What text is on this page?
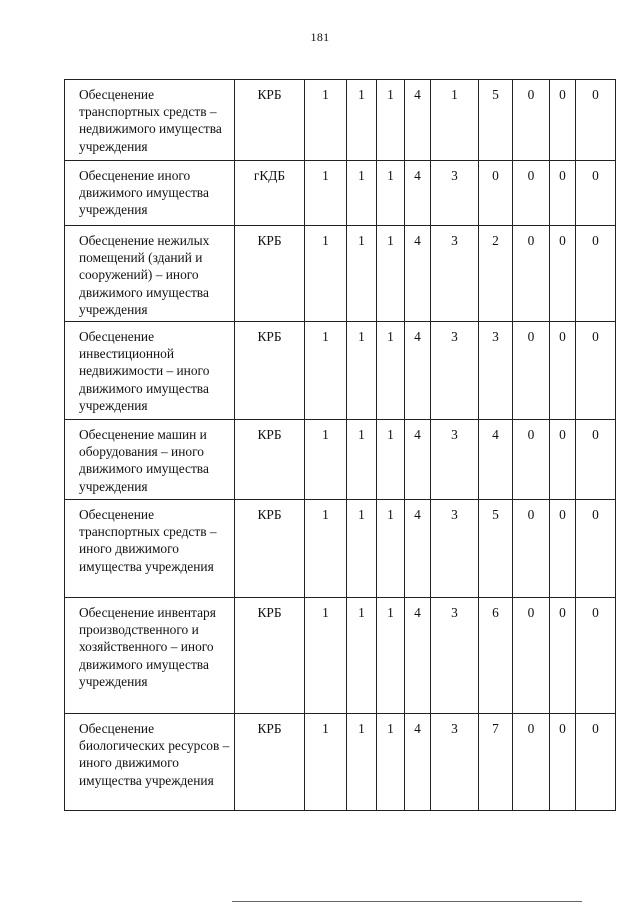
181
Обесценение транспортных средств –недвижимого имущества учреждения	КРБ	1	1	1	4	1	5	0	0	0
Обесценение иного движимого имущества учреждения	гКДБ	1	1	1	4	3	0	0	0	0
Обесценение нежилых помещений (зданий и сооружений) – иного движимого имущества учреждения	КРБ	1	1	1	4	3	2	0	0	0
Обесценение инвестиционной недвижимости – иного движимого имущества учреждения	КРБ	1	1	1	4	3	3	0	0	0
Обесценение машин и оборудования – иного движимого имущества учреждения	КРБ	1	1	1	4	3	4	0	0	0
Обесценение транспортных средств – иного движимого имущества учреждения	КРБ	1	1	1	4	3	5	0	0	0
Обесценение инвентаря производственного и хозяйственного – иного движимого имущества учреждения	КРБ	1	1	1	4	3	6	0	0	0
Обесценение биологических ресурсов – иного движимого имущества учреждения	КРБ	1	1	1	4	3	7	0	0	0
